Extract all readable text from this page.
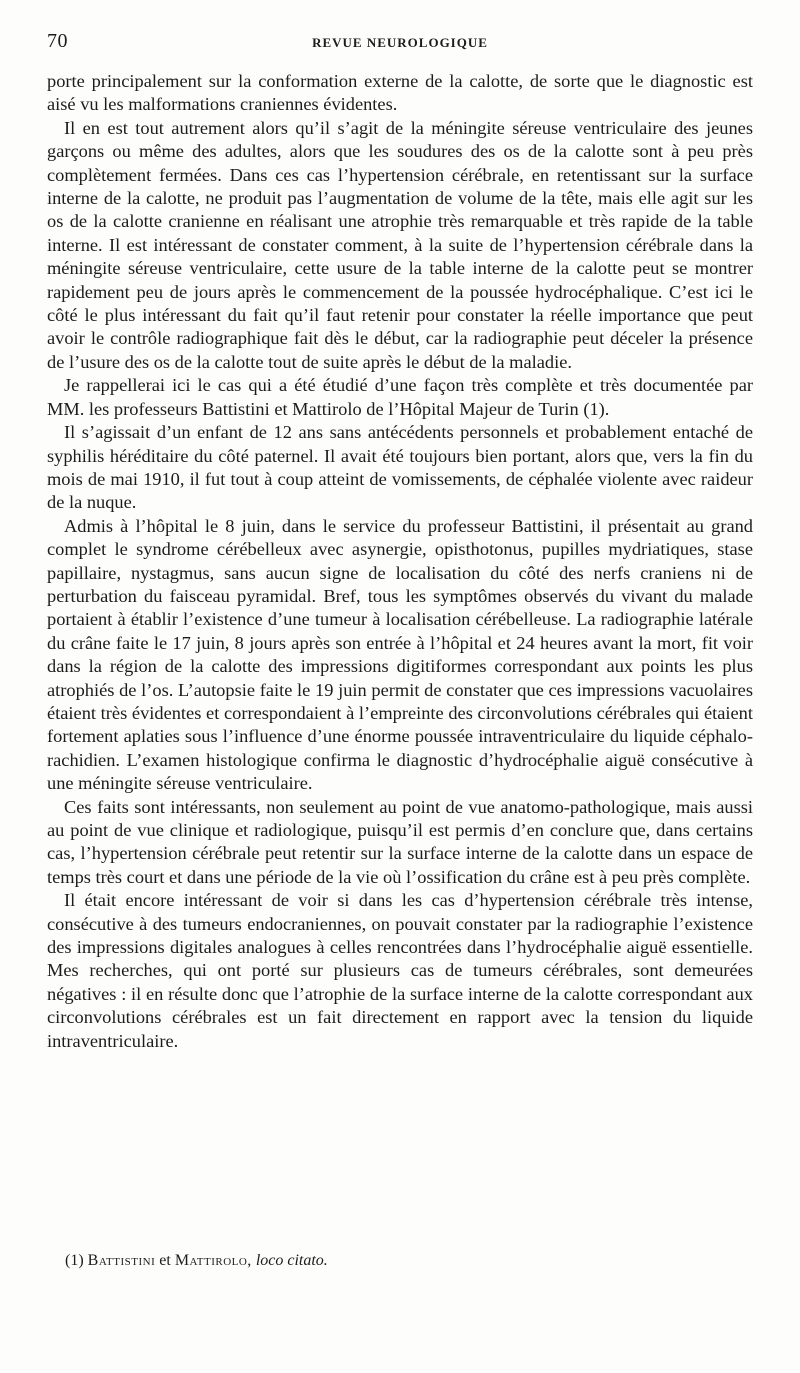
70	REVUE NEUROLOGIQUE

porte principalement sur la conformation externe de la calotte, de sorte que le diagnostic est aisé vu les malformations craniennes évidentes.

Il en est tout autrement alors qu’il s’agit de la méningite séreuse ventriculaire des jeunes garçons ou même des adultes, alors que les soudures des os de la calotte sont à peu près complètement fermées. Dans ces cas l’hypertension cérébrale, en retentissant sur la surface interne de la calotte, ne produit pas l’augmentation de volume de la tête, mais elle agit sur les os de la calotte cranienne en réalisant une atrophie très remarquable et très rapide de la table interne. Il est intéressant de constater comment, à la suite de l’hypertension cérébrale dans la méningite séreuse ventriculaire, cette usure de la table interne de la calotte peut se montrer rapidement peu de jours après le commencement de la poussée hydrocéphalique. C’est ici le côté le plus intéressant du fait qu’il faut retenir pour constater la réelle importance que peut avoir le contrôle radiographique fait dès le début, car la radiographie peut déceler la présence de l’usure des os de la calotte tout de suite après le début de la maladie.

Je rappellerai ici le cas qui a été étudié d’une façon très complète et très documentée par MM. les professeurs Battistini et Mattirolo de l’Hôpital Majeur de Turin (1).

Il s’agissait d’un enfant de 12 ans sans antécédents personnels et probablement entaché de syphilis héréditaire du côté paternel. Il avait été toujours bien portant, alors que, vers la fin du mois de mai 1910, il fut tout à coup atteint de vomissements, de céphalée violente avec raideur de la nuque.

Admis à l’hôpital le 8 juin, dans le service du professeur Battistini, il présentait au grand complet le syndrome cérébelleux avec asynergie, opisthotonus, pupilles mydriatiques, stase papillaire, nystagmus, sans aucun signe de localisation du côté des nerfs craniens ni de perturbation du faisceau pyramidal. Bref, tous les symptômes observés du vivant du malade portaient à établir l’existence d’une tumeur à localisation cérébelleuse. La radiographie latérale du crâne faite le 17 juin, 8 jours après son entrée à l’hôpital et 24 heures avant la mort, fit voir dans la région de la calotte des impressions digitiformes correspondant aux points les plus atrophiés de l’os. L’autopsie faite le 19 juin permit de constater que ces impressions vacuolaires étaient très évidentes et correspondaient à l’empreinte des circonvolutions cérébrales qui étaient fortement aplaties sous l’influence d’une énorme poussée intraventriculaire du liquide céphalo-rachidien. L’examen histologique confirma le diagnostic d’hydrocéphalie aiguë consécutive à une méningite séreuse ventriculaire.

Ces faits sont intéressants, non seulement au point de vue anatomo-pathologique, mais aussi au point de vue clinique et radiologique, puisqu’il est permis d’en conclure que, dans certains cas, l’hypertension cérébrale peut retentir sur la surface interne de la calotte dans un espace de temps très court et dans une période de la vie où l’ossification du crâne est à peu près complète.

Il était encore intéressant de voir si dans les cas d’hypertension cérébrale très intense, consécutive à des tumeurs endocraniennes, on pouvait constater par la radiographie l’existence des impressions digitales analogues à celles rencontrées dans l’hydrocéphalie aiguë essentielle. Mes recherches, qui ont porté sur plusieurs cas de tumeurs cérébrales, sont demeurées négatives : il en résulte donc que l’atrophie de la surface interne de la calotte correspondant aux circonvolutions cérébrales est un fait directement en rapport avec la tension du liquide intraventriculaire.

(1) Battistini et Mattirolo, loco citato.
